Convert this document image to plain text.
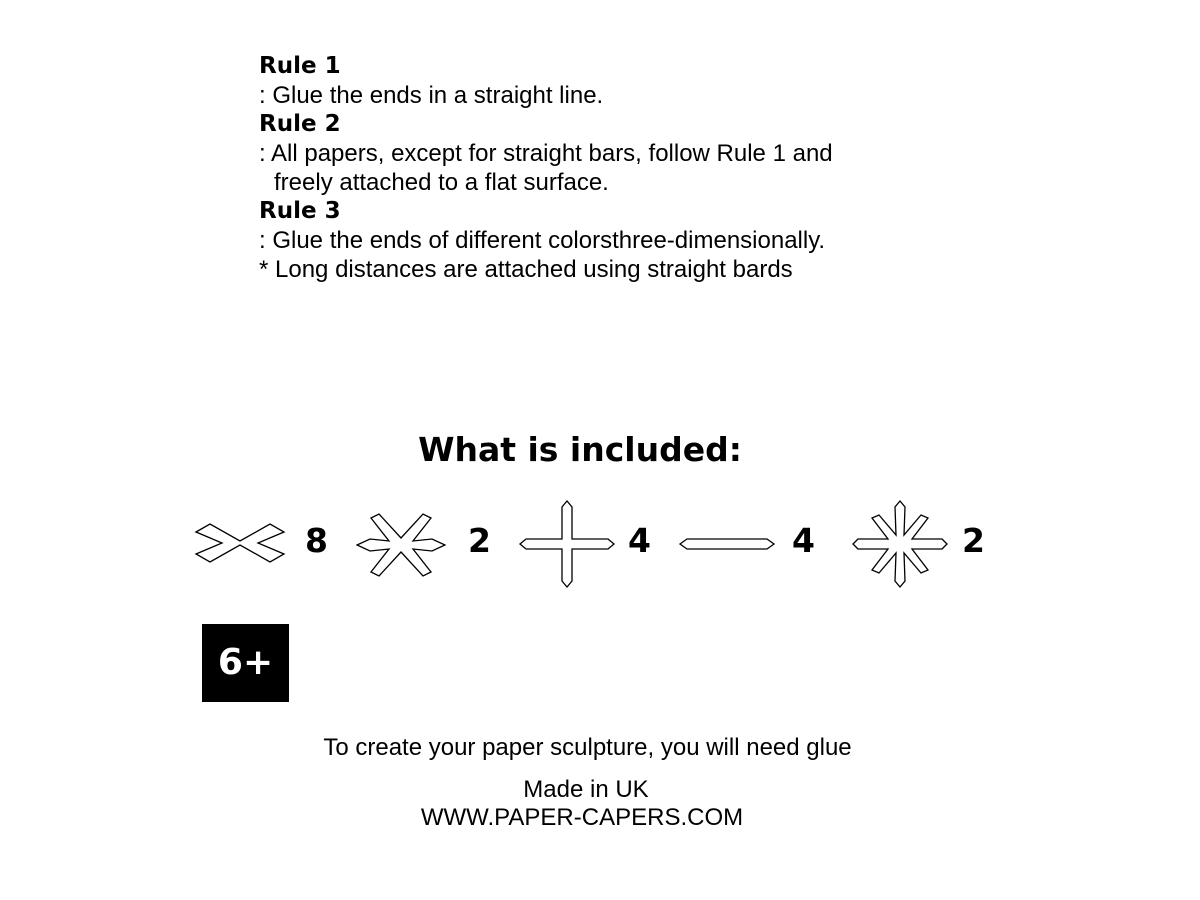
Rule 1
: Glue the ends in a straight line.
Rule 2
: All papers, except for straight bars, follow Rule 1 and
freely attached to a flat surface.
Rule 3
: Glue the ends of different colorsthree-dimensionally.
* Long distances are attached using straight bards
What is included:
8	2	4	4	2
6+
To create your paper sculpture, you will need glue
Made in UK
WWW.PAPER-CAPERS.COM
